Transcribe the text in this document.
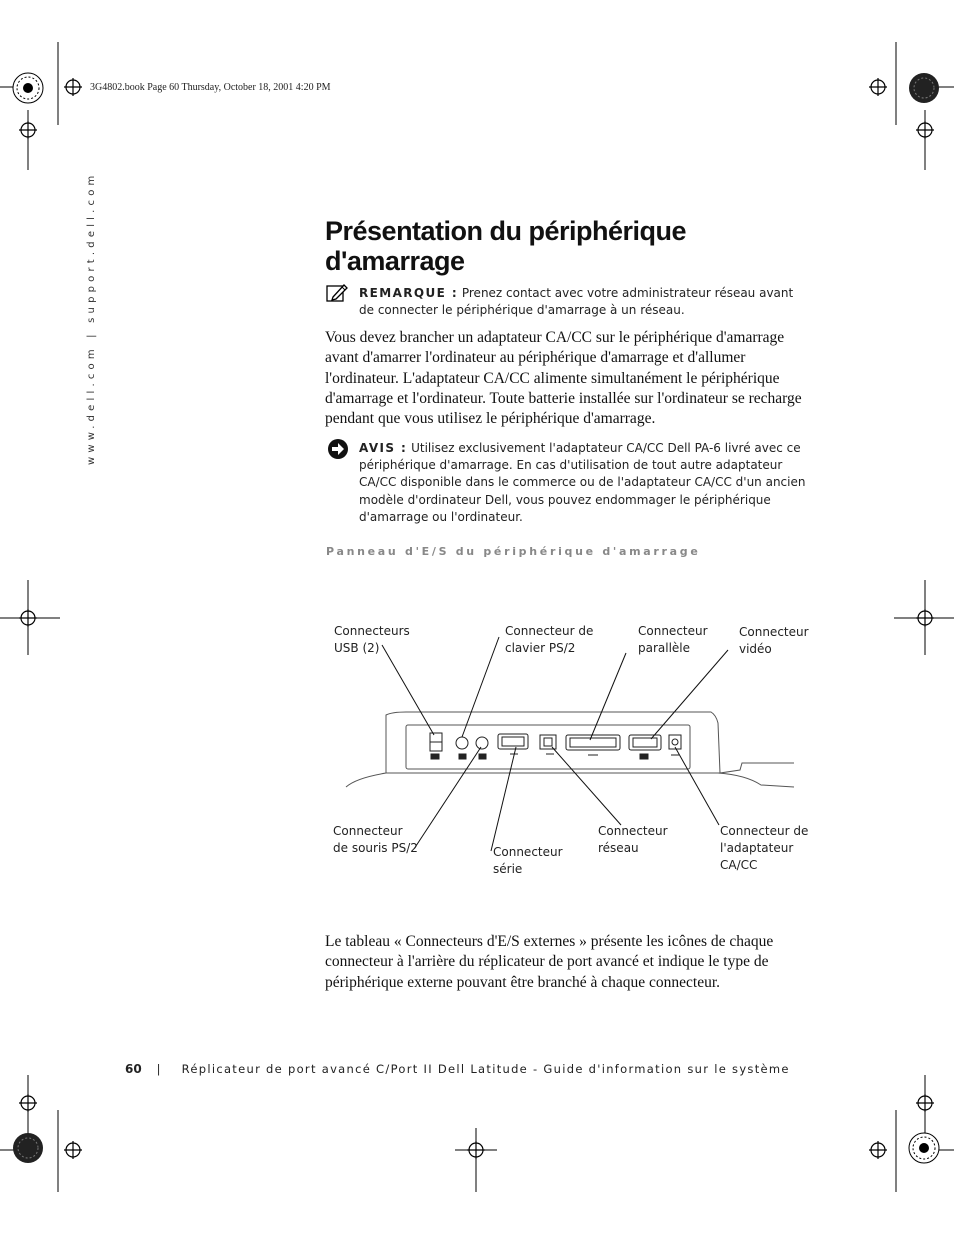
3G4802.book Page 60 Thursday, October 18, 2001 4:20 PM
www.dell.com | support.dell.com	Présentation du périphérique
d'amarrage
REMARQUE : Prenez contact avec votre administrateur réseau avant de connecter le périphérique d'amarrage à un réseau.
Vous devez brancher un adaptateur CA/CC sur le périphérique d'amarrage avant d'amarrer l'ordinateur au périphérique d'amarrage et d'allumer l'ordinateur. L'adaptateur CA/CC alimente simultanément le périphérique d'amarrage et l'ordinateur. Toute batterie installée sur l'ordinateur se recharge pendant que vous utilisez le périphérique d'amarrage.
AVIS : Utilisez exclusivement l'adaptateur CA/CC Dell PA-6 livré avec ce périphérique d'amarrage. En cas d'utilisation de tout autre adaptateur CA/CC disponible dans le commerce ou de l'adaptateur CA/CC d'un ancien modèle d'ordinateur Dell, vous pouvez endommager le périphérique d'amarrage ou l'ordinateur.
Panneau d'E/S du périphérique d'amarrage
Connecteurs
USB (2)
Connecteur de
clavier PS/2
Connecteur
parallèle
Connecteur
vidéo
Connecteur
de souris PS/2	Connecteur
série
Connecteur
réseau
Connecteur de
l'adaptateur
CA/CC
Le tableau « Connecteurs d'E/S externes » présente les icônes de chaque connecteur à l'arrière du réplicateur de port avancé et indique le type de périphérique externe pouvant être branché à chaque connecteur.
60 | Réplicateur de port avancé C/Port II Dell Latitude - Guide d'information sur le système
